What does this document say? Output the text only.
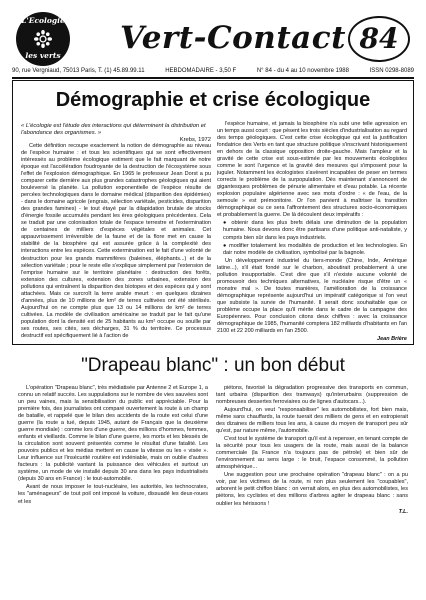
L'Ecologie
les verts	Vert-Contact 84
90, rue Vergniaud, 75013 Paris, T. (1) 45.89.99.11	HEBDOMADAIRE - 3,50 F	N° 84 - du 4 au 10 novembre 1988	ISSN 0298-8089
Démographie et crise écologique
« L'écologie est l'étude des interactions qui déterminent la distribution et l'abondance des organismes. »
Krebs, 1972

Cette définition recoupe exactement la notion de démographie au niveau de l'espèce humaine : et tous les scientifiques qui se sont effectivement intéressés au problème écologique estiment que le fait marquant de notre époque est l'accélération foudroyante de la destruction de l'écosystème sous l'effet de l'explosion démographique. En 1965 le professeur Jean Dorst a pu comparer cette dernière aux plus grandes catastrophes géologiques qui aient bouleversé la planète. La pollution exponentielle de l'espèce résulte de percées technologiques dans le domaine médical (disparition des épidémies) - dans le domaine agricole (engrais, sélection variétale, pesticides, disparition des grandes famines) - le tout étayé par la dilapidation brutale de stocks d'énergie fossile accumulés pendant les ères géologiques précédentes. Cela se traduit par une colonisation totale de l'espace terrestre et l'extermination de centaines de milliers d'espèces végétales et animales. Cet appauvrissement irréversible de la faune et de la flore met en cause la stabilité de la biosphère qui est assurée grâce à la complexité des interactions entre les espèces. Cette extermination est le fait d'une volonté de destruction pour les grands mammifères (baleines, éléphants...) et de la sélection variétale ; pour le reste elle s'explique simplement par l'extension de l'emprise humaine sur le territoire planétaire : destruction des forêts, extension des cultures, extension des zones urbaines, extension des pollutions qui entraînent la disparition des biotopes et des espèces qui y sont attachées. Mais ce surcroît la terre arable meurt : en quelques dizaines d'années, plus de 10 millions de km² de terres cultivées ont été stérilisés. Aujourd'hui on ne compte plus que 13 ou 14 millions de km² de terres cultivées. La modèle de civilisation américaine se traduit par le fait qu'une population dont la densité est de 25 habitants au km² occupe ou souille par ses routes, ses cités, ses décharges, 31 % du territoire. Ce processus destructif est spécifiquement lié à l'action de

l'espèce humaine, et jamais la biosphère n'a subi une telle agression en un temps aussi court : que pèsent les trois siècles d'industrialisation au regard des temps géologiques. C'est cette crise écologique qui est la justification fondatrice des Verts en tant que structure politique s'inscrivant historiquement en dehors de la classique opposition droite-gauche. Mais l'ampleur et la gravité de cette crise est sous-estimée par les mouvements écologistes comme le sont l'urgence et la gravité des mesures qui s'imposent pour la juguler. Notamment les écologistes s'avèrent incapables de peser en termes corrects le problème de la surpopulation. Dès maintenant s'annoncent de gigantesques problèmes de pénurie alimentaire et d'eau potable. La récente explosion populaire algérienne avec ses mots d'ordre : « de l'eau, de la semoule » est prémonitoire. Or l'on parvient à maîtriser la transition démographique ou ce sera l'affrontement des structures socio-économiques et probablement la guerre. De là découlent deux impératifs :

● obtenir dans les plus brefs délais une diminution de la population humaine. Nous devons donc être partisans d'une politique anti-nataliste, y compris bien sûr dans les pays industriels.

● modifier totalement les modalités de production et les technologies. En dair notre modèle de civilisation, symbolisé par la bagnole.

Un développement industriel du tiers-monde (Chine, Inde, Amérique latine...), s'il était fondé sur le charbon, aboutirait probablement à une pollution insupportable. C'est dire que s'il n'existe aucune volonté de promouvoir des techniques alternatives, le nucléaire risque d'être un « monstre mal ». De toutes manières, l'amélioration de la croissance démographique représente aujourd'hui un impératif catégorique si l'on veut que subsiste la survie de l'humanité. Il serait donc souhaitable que ce problème occupe la place qu'il mérite dans le cadre de la campagne des Européennes. Pour conclusion citons deux chiffres : avec la croissance démographique de 1985, l'humanité comptera 182 milliards d'habitants en l'an 2100 et 22 200 milliards en l'an 2500.

Jean Brière
"Drapeau blanc" : un bon début

L'opération "Drapeau blanc", très médiatisée par Antenne 2 et Europe 1, a connu un relatif succès. Les suppulations sur le nombre de vies sauvées sont un peu vaines, mais la sensibilisation du public est appréciable. Pour la première fois, des journalistes ont comparé ouvertement la route à un champ de bataille, et rappelé que le bilan des accidents de la route est celui d'une guerre (la route a tué, depuis 1945, autant de Français que la deuxième guerre mondiale) : comme lors d'une guerre, des millions d'hommes, femmes, enfants et vieillards. Comme le bilan d'une guerre, les morts et les blessés de la circulation sont souvent présentés comme le résultat d'une fatalité. Les pouvoirs publics et les médias mettent en cause la vitesse ou les « visée ». Leur influence sur l'insécurité routière est indéniable, mais on oublie d'autres facteurs : la publicité vantant la puissance des véhicules et surtout un système, un mode de vie installé depuis 30 ans dans les pays industrialisés (depuis 30 ans en France) : le tout-automobile.

Avant de nous imposer le tout-nucléaire, les autorités, les technocrates, les "aménageurs" de tout poil ont imposé la voiture, dissuadé les deux-roues et les

piétons, favorisé la dégradation progressive des transports en commun, tant urbains (disparition des tramways) qu'interurbains (suppression de nombreuses dessertes ferroviaires ou de lignes d'autocars...).

Aujourd'hui, on veut "responsabiliser" les automobilistes, fort bien mais, même sans chauffards, la route tuerait des milliers de gens et en estropierait des dizaines de milliers tous les ans, à cause du moyen de transport peu sûr qu'est, par nature même, l'automobile.

C'est tout le système de transport qu'il est à repenser, en tenant compte de la sécurité pour tous les usagers de la route, mais aussi de la balance commerciale (la France n'a toujours pas de pétrole) et bien sûr de l'environnement au sens large : le bruit, l'espace consommé, la pollution atmosphérique...

Une suggestion pour une prochaine opération "drapeau blanc" : on a pu voir, par les victimes de la route, ni non plus seulement les "coupables", arborent le petit chiffon blanc : on verrait alors, en plus des automobilistes, les piétons, les cyclistes et des millions d'arbres agiter le drapeau blanc : sans oublier les hérissons !

T.L.
